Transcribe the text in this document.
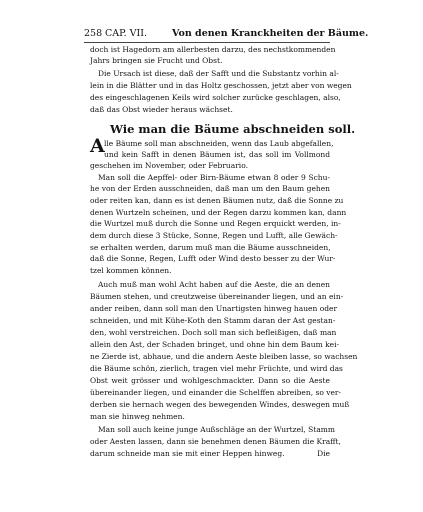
258 CAP. VII.	Von denen Kranckheiten der Bäume.
doch ist Hagedorn am allerbesten darzu, des nechstkommenden
Jahrs bringen sie Frucht und Obst.
Die Ursach ist diese, daß der Safft und die Substantz vorhin al-
lein in die Blätter und in das Holtz geschossen, jetzt aber von wegen
des eingeschlagenen Keils wird solcher zurücke geschlagen, also,
daß das Obst wieder heraus wächset.
Wie man die Bäume abschneiden soll.
A lle Bäume soll man abschneiden, wenn das Laub abgefallen,
und kein Safft in denen Bäumen ist, das soll im Vollmond
geschehen im November, oder Februario.
Man soll die Aepffel- oder Birn-Bäume etwan 8 oder 9 Schu-
he von der Erden ausschneiden, daß man um den Baum gehen
oder reiten kan, dann es ist denen Bäumen nutz, daß die Sonne zu
denen Wurtzeln scheinen, und der Regen darzu kommen kan, dann
die Wurtzel muß durch die Sonne und Regen erquickt werden, in-
dem durch diese 3 Stücke, Sonne, Regen und Lufft, alle Gewäch-
se erhalten werden, darum muß man die Bäume ausschneiden,
daß die Sonne, Regen, Lufft oder Wind desto besser zu der Wur-
tzel kommen können.
Auch muß man wohl Acht haben auf die Aeste, die an denen
Bäumen stehen, und creutzweise übereinander liegen, und an ein-
ander reiben, dann soll man den Unartigsten hinweg hauen oder
schneiden, und mit Kühe-Koth den Stamm daran der Ast gestan-
den, wohl verstreichen. Doch soll man sich befleißigen, daß man
allein den Ast, der Schaden bringet, und ohne hin dem Baum kei-
ne Zierde ist, abhaue, und die andern Aeste bleiben lasse, so wachsen
die Bäume schön, zierlich, tragen viel mehr Früchte, und wird das
Obst weit grösser und wohlgeschmackter. Dann so die Aeste
übereinander liegen, und einander die Schelffen abreiben, so ver-
derben sie hernach wegen des bewegenden Windes, deswegen muß
man sie hinweg nehmen.
Man soll auch keine junge Außschläge an der Wurtzel, Stamm
oder Aesten lassen, dann sie benehmen denen Bäumen die Krafft,
darum schneide man sie mit einer Heppen hinweg.	Die
